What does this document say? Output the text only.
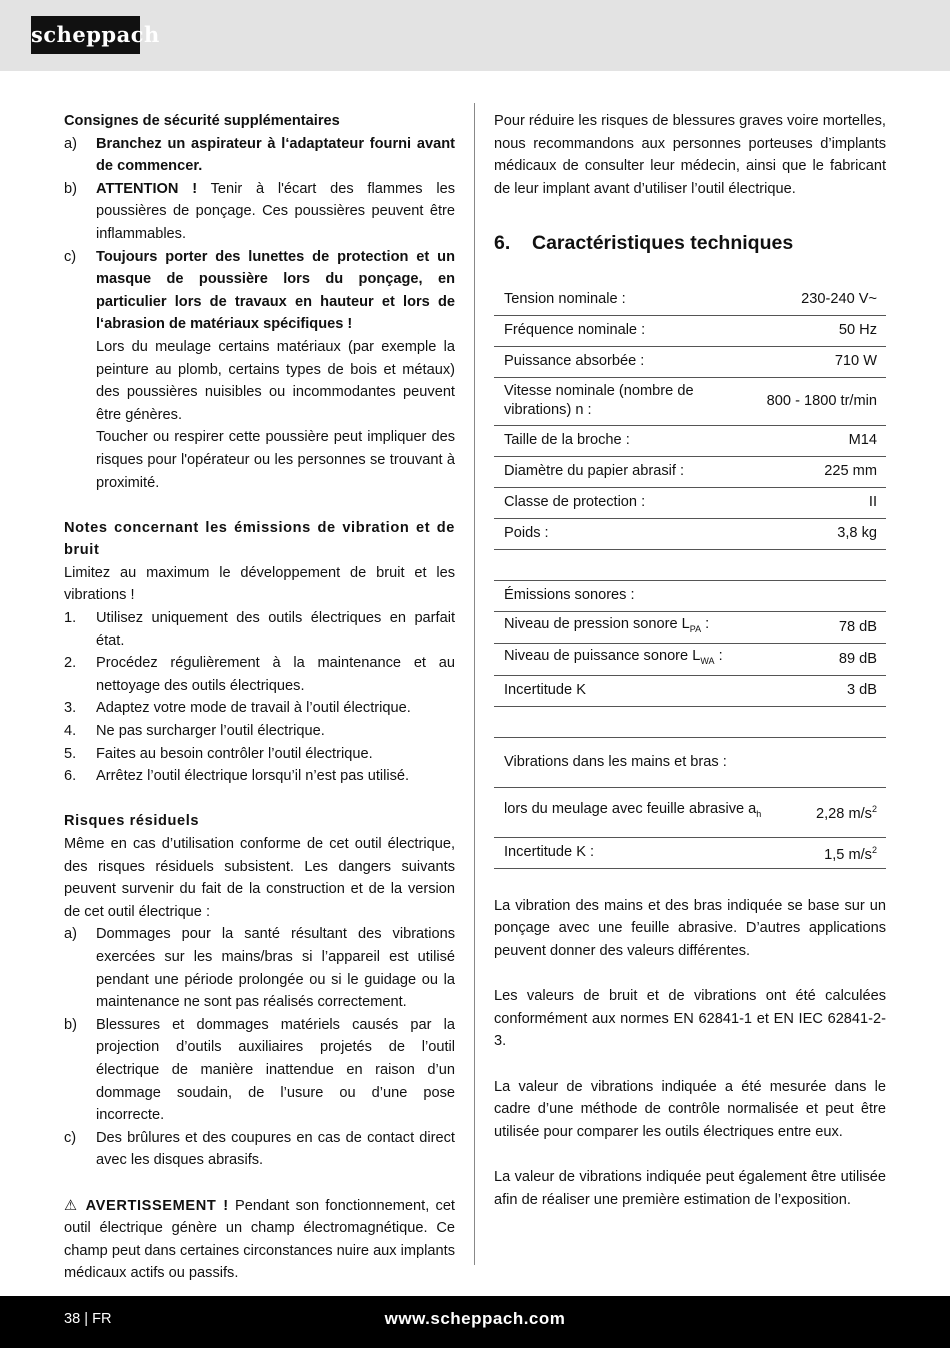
scheppach

Consignes de sécurité supplémentaires

a)	Branchez un aspirateur à l‘adaptateur fourni avant de commencer.
b)	ATTENTION ! Tenir à l'écart des flammes les poussières de ponçage. Ces poussières peuvent être inflammables.
c)	Toujours porter des lunettes de protection et un masque de poussière lors du ponçage, en particulier lors de travaux en hauteur et lors de l‘abrasion de matériaux spécifiques !
Lors du meulage certains matériaux (par exemple la peinture au plomb, certains types de bois et métaux) des poussières nuisibles ou incommodantes peuvent être génères.
Toucher ou respirer cette poussière peut impliquer des risques pour l'opérateur ou les personnes se trouvant à proximité.

Notes concernant les émissions de vibration et de bruit

Limitez au maximum le développement de bruit et les vibrations !

1.	Utilisez uniquement des outils électriques en parfait état.
2.	Procédez régulièrement à la maintenance et au nettoyage des outils électriques.
3.	Adaptez votre mode de travail à l’outil électrique.
4.	Ne pas surcharger l’outil électrique.
5.	Faites au besoin contrôler l’outil électrique.
6.	Arrêtez l’outil électrique lorsqu’il n’est pas utilisé.

Risques résiduels

Même en cas d’utilisation conforme de cet outil électrique, des risques résiduels subsistent. Les dangers suivants peuvent survenir du fait de la construction et de la version de cet outil électrique :

a)	Dommages pour la santé résultant des vibrations exercées sur les mains/bras si l’appareil est utilisé pendant une période prolongée ou si le guidage ou la maintenance ne sont pas réalisés correctement.
b)	Blessures et dommages matériels causés par la projection d’outils auxiliaires projetés de l’outil électrique de manière inattendue en raison d’un dommage soudain, de l’usure ou d’une pose incorrecte.
c)	Des brûlures et des coupures en cas de contact direct avec les disques abrasifs.

⚠ AVERTISSEMENT ! Pendant son fonctionnement, cet outil électrique génère un champ électromagnétique. Ce champ peut dans certaines circonstances nuire aux implants médicaux actifs ou passifs.

Pour réduire les risques de blessures graves voire mortelles, nous recommandons aux personnes porteuses d’implants médicaux de consulter leur médecin, ainsi que le fabricant de leur implant avant d’utiliser l’outil électrique.

6. Caractéristiques techniques
Tension nominale :	230-240 V~
Fréquence nominale :	50 Hz
Puissance absorbée :	710 W
Vitesse nominale (nombre de vibrations) n :	800 - 1800 tr/min
Taille de la broche :	M14
Diamètre du papier abrasif :	225 mm
Classe de protection :	II
Poids :	3,8 kg
Émissions sonores :	
Niveau de pression sonore $L_{PA}$ :	78 dB
Niveau de puissance sonore $L_{WA}$ :	89 dB
Incertitude K	3 dB
Vibrations dans les mains et bras :	
lors du meulage avec feuille abrasive $a_h$	2,28 $m/s^2$
Incertitude K :	1,5 $m/s^2$

La vibration des mains et des bras indiquée se base sur un ponçage avec une feuille abrasive. D’autres applications peuvent donner des valeurs différentes.

Les valeurs de bruit et de vibrations ont été calculées conformément aux normes EN 62841-1 et EN IEC 62841-2-3.

La valeur de vibrations indiquée a été mesurée dans le cadre d’une méthode de contrôle normalisée et peut être utilisée pour comparer les outils électriques entre eux.

La valeur de vibrations indiquée peut également être utilisée afin de réaliser une première estimation de l’exposition.

38 | FR	www.scheppach.com
